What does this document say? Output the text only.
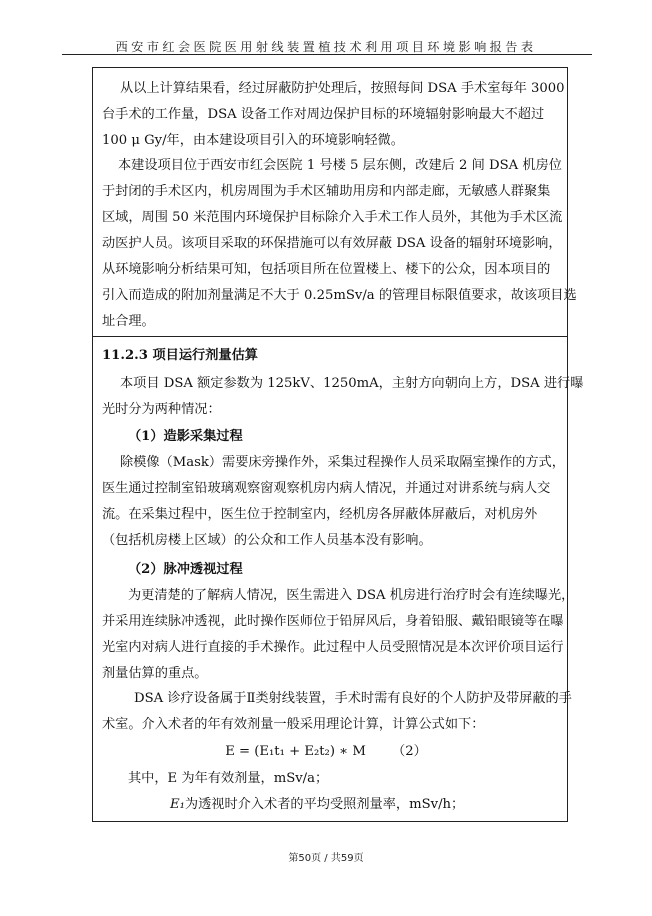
西安市红会医院医用射线装置植技术利用项目环境影响报告表
从以上计算结果看，经过屏蔽防护处理后，按照每间 DSA 手术室每年 3000
台手术的工作量，DSA 设备工作对周边保护目标的环境辐射影响最大不超过
100 μ Gy/年，由本建设项目引入的环境影响轻微。
本建设项目位于西安市红会医院 1 号楼 5 层东侧，改建后 2 间 DSA 机房位
于封闭的手术区内，机房周围为手术区辅助用房和内部走廊，无敏感人群聚集
区域，周围 50 米范围内环境保护目标除介入手术工作人员外，其他为手术区流
动医护人员。该项目采取的环保措施可以有效屏蔽 DSA 设备的辐射环境影响，
从环境影响分析结果可知，包括项目所在位置楼上、楼下的公众，因本项目的
引入而造成的附加剂量满足不大于 0.25mSv/a 的管理目标限值要求，故该项目选
址合理。
11.2.3 项目运行剂量估算
本项目 DSA 额定参数为 125kV、1250mA，主射方向朝向上方，DSA 进行曝
光时分为两种情况：
（1）造影采集过程
除模像（Mask）需要床旁操作外，采集过程操作人员采取隔室操作的方式，
医生通过控制室铅玻璃观察窗观察机房内病人情况，并通过对讲系统与病人交
流。在采集过程中，医生位于控制室内，经机房各屏蔽体屏蔽后，对机房外
（包括机房楼上区域）的公众和工作人员基本没有影响。
（2）脉冲透视过程
为更清楚的了解病人情况，医生需进入 DSA 机房进行治疗时会有连续曝光，
并采用连续脉冲透视，此时操作医师位于铅屏风后，身着铅服、戴铅眼镜等在曝
光室内对病人进行直接的手术操作。此过程中人员受照情况是本次评价项目运行
剂量估算的重点。
DSA 诊疗设备属于Ⅱ类射线装置，手术时需有良好的个人防护及带屏蔽的手
术室。介入术者的年有效剂量一般采用理论计算，计算公式如下：
E = (E₁t₁ + E₂t₂) ∗ M （2）
其中，E 为年有效剂量，mSv/a；
E₁为透视时介入术者的平均受照剂量率，mSv/h；
第50页 / 共59页
